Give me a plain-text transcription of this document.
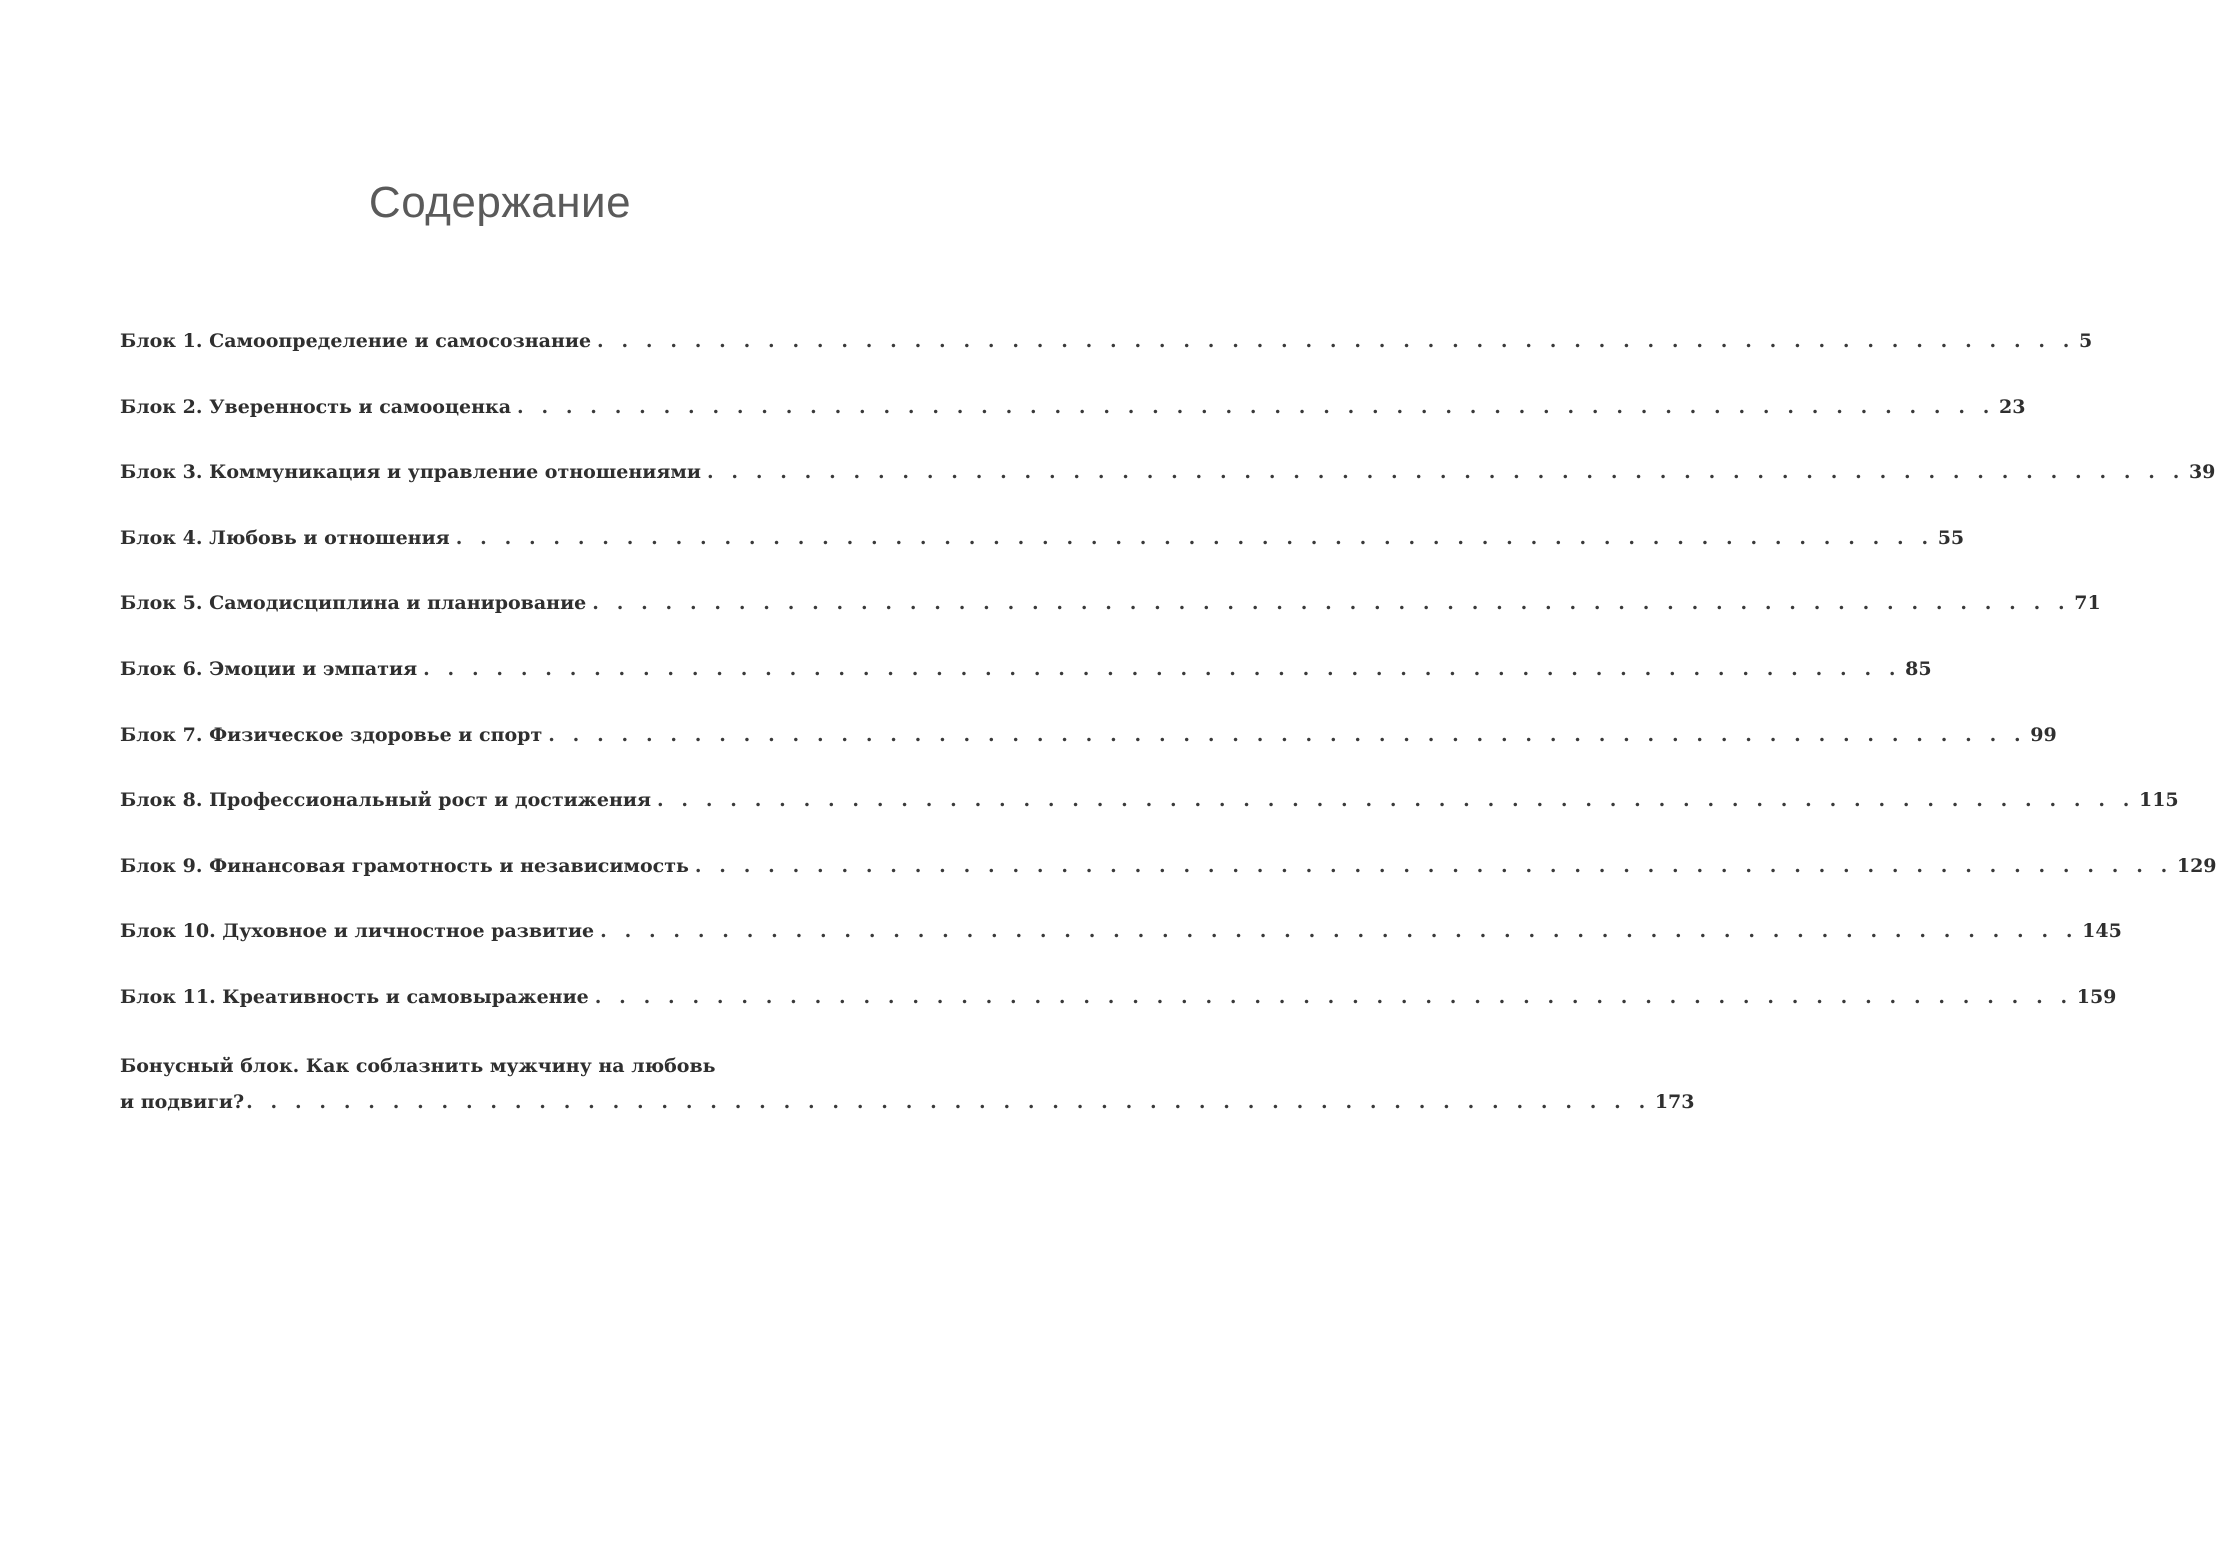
Содержание
Блок 1. Самоопределение и самосознание . . .	5
Блок 2. Уверенность и самооценка . . .	23
Блок 3. Коммуникация и управление отношениями . . .	39
Блок 4. Любовь и отношения . . .	55
Блок 5. Самодисциплина и планирование . . .	71
Блок 6. Эмоции и эмпатия . . .	85
Блок 7. Физическое здоровье и спорт . . .	99
Блок 8. Профессиональный рост и достижения . . .	115
Блок 9. Финансовая грамотность и независимость . . .	129
Блок 10. Духовное и личностное развитие . . .	145
Блок 11. Креативность и самовыражение . . .	159
Бонусный блок. Как соблазнить мужчину на любовь
и подвиги? . . . . . . . . . . . . . . . . . . . . . . . . . . . . . . . . . . . . . . . . . . . . . . . . . . . . . . . . . . 173
